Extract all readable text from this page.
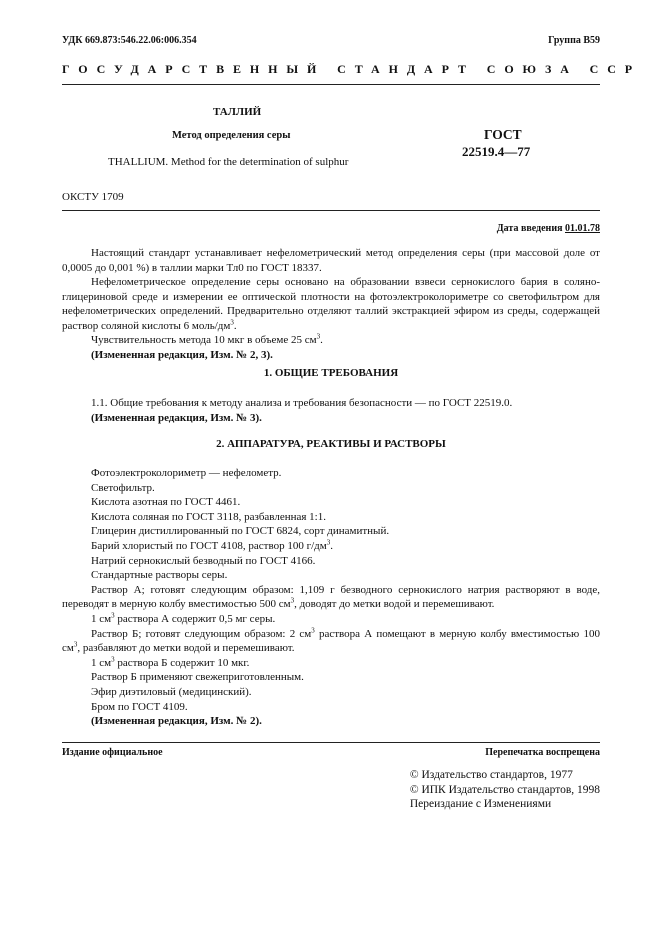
УДК 669.873:546.22.06:006.354	Группа В59
ГОСУДАРСТВЕННЫЙ СТАНДАРТ СОЮЗА ССР
ТАЛЛИЙ
Метод определения серы
THALLIUM. Method for the determination of sulphur
ГОСТ
22519.4—77
ОКСТУ 1709
Дата введения 01.01.78

Настоящий стандарт устанавливает нефелометрический метод определения серы (при массовой доле от 0,0005 до 0,001 %) в таллии марки Тл0 по ГОСТ 18337.

Нефелометрическое определение серы основано на образовании взвеси сернокислого бария в солянo-глицериновой среде и измерении ее оптической плотности на фотоэлектроколориметре со светофильтром для нефелометрических определений. Предварительно отделяют таллий экстракцией эфиром из среды, содержащей раствор соляной кислоты 6 моль/$дм^3$.

Чувствительность метода 10 мкг в объеме 25 $см^3$.

(Измененная редакция, Изм. № 2, 3).

1. ОБЩИЕ ТРЕБОВАНИЯ

1.1. Общие требования к методу анализа и требования безопасности — по ГОСТ 22519.0.

(Измененная редакция, Изм. № 3).

2. АППАРАТУРА, РЕАКТИВЫ И РАСТВОРЫ

Фотоэлектроколориметр — нефелометр.

Светофильтр.

Кислота азотная по ГОСТ 4461.

Кислота соляная по ГОСТ 3118, разбавленная 1:1.

Глицерин дистиллированный по ГОСТ 6824, сорт динамитный.

Барий хлористый по ГОСТ 4108, раствор 100 $г/дм^3$.

Натрий сернокислый безводный по ГОСТ 4166.

Стандартные растворы серы.

Раствор А; готовят следующим образом: 1,109 г безводного сернокислого натрия растворяют в воде, переводят в мерную колбу вместимостью 500 $см^3$, доводят до метки водой и перемешивают.

1 $см^3$ раствора А содержит 0,5 мг серы.

Раствор Б; готовят следующим образом: 2 $см^3$ раствора А помещают в мерную колбу вместимостью 100 $см^3$, разбавляют до метки водой и перемешивают.

1 $см^3$ раствора Б содержит 10 мкг.

Раствор Б применяют свежеприготовленным.

Эфир диэтиловый (медицинский).

Бром по ГОСТ 4109.

(Измененная редакция, Изм. № 2).

Издание официальное	Перепечатка воспрещена
© Издательство стандартов, 1977
© ИПК Издательство стандартов, 1998
Переиздание с Изменениями
